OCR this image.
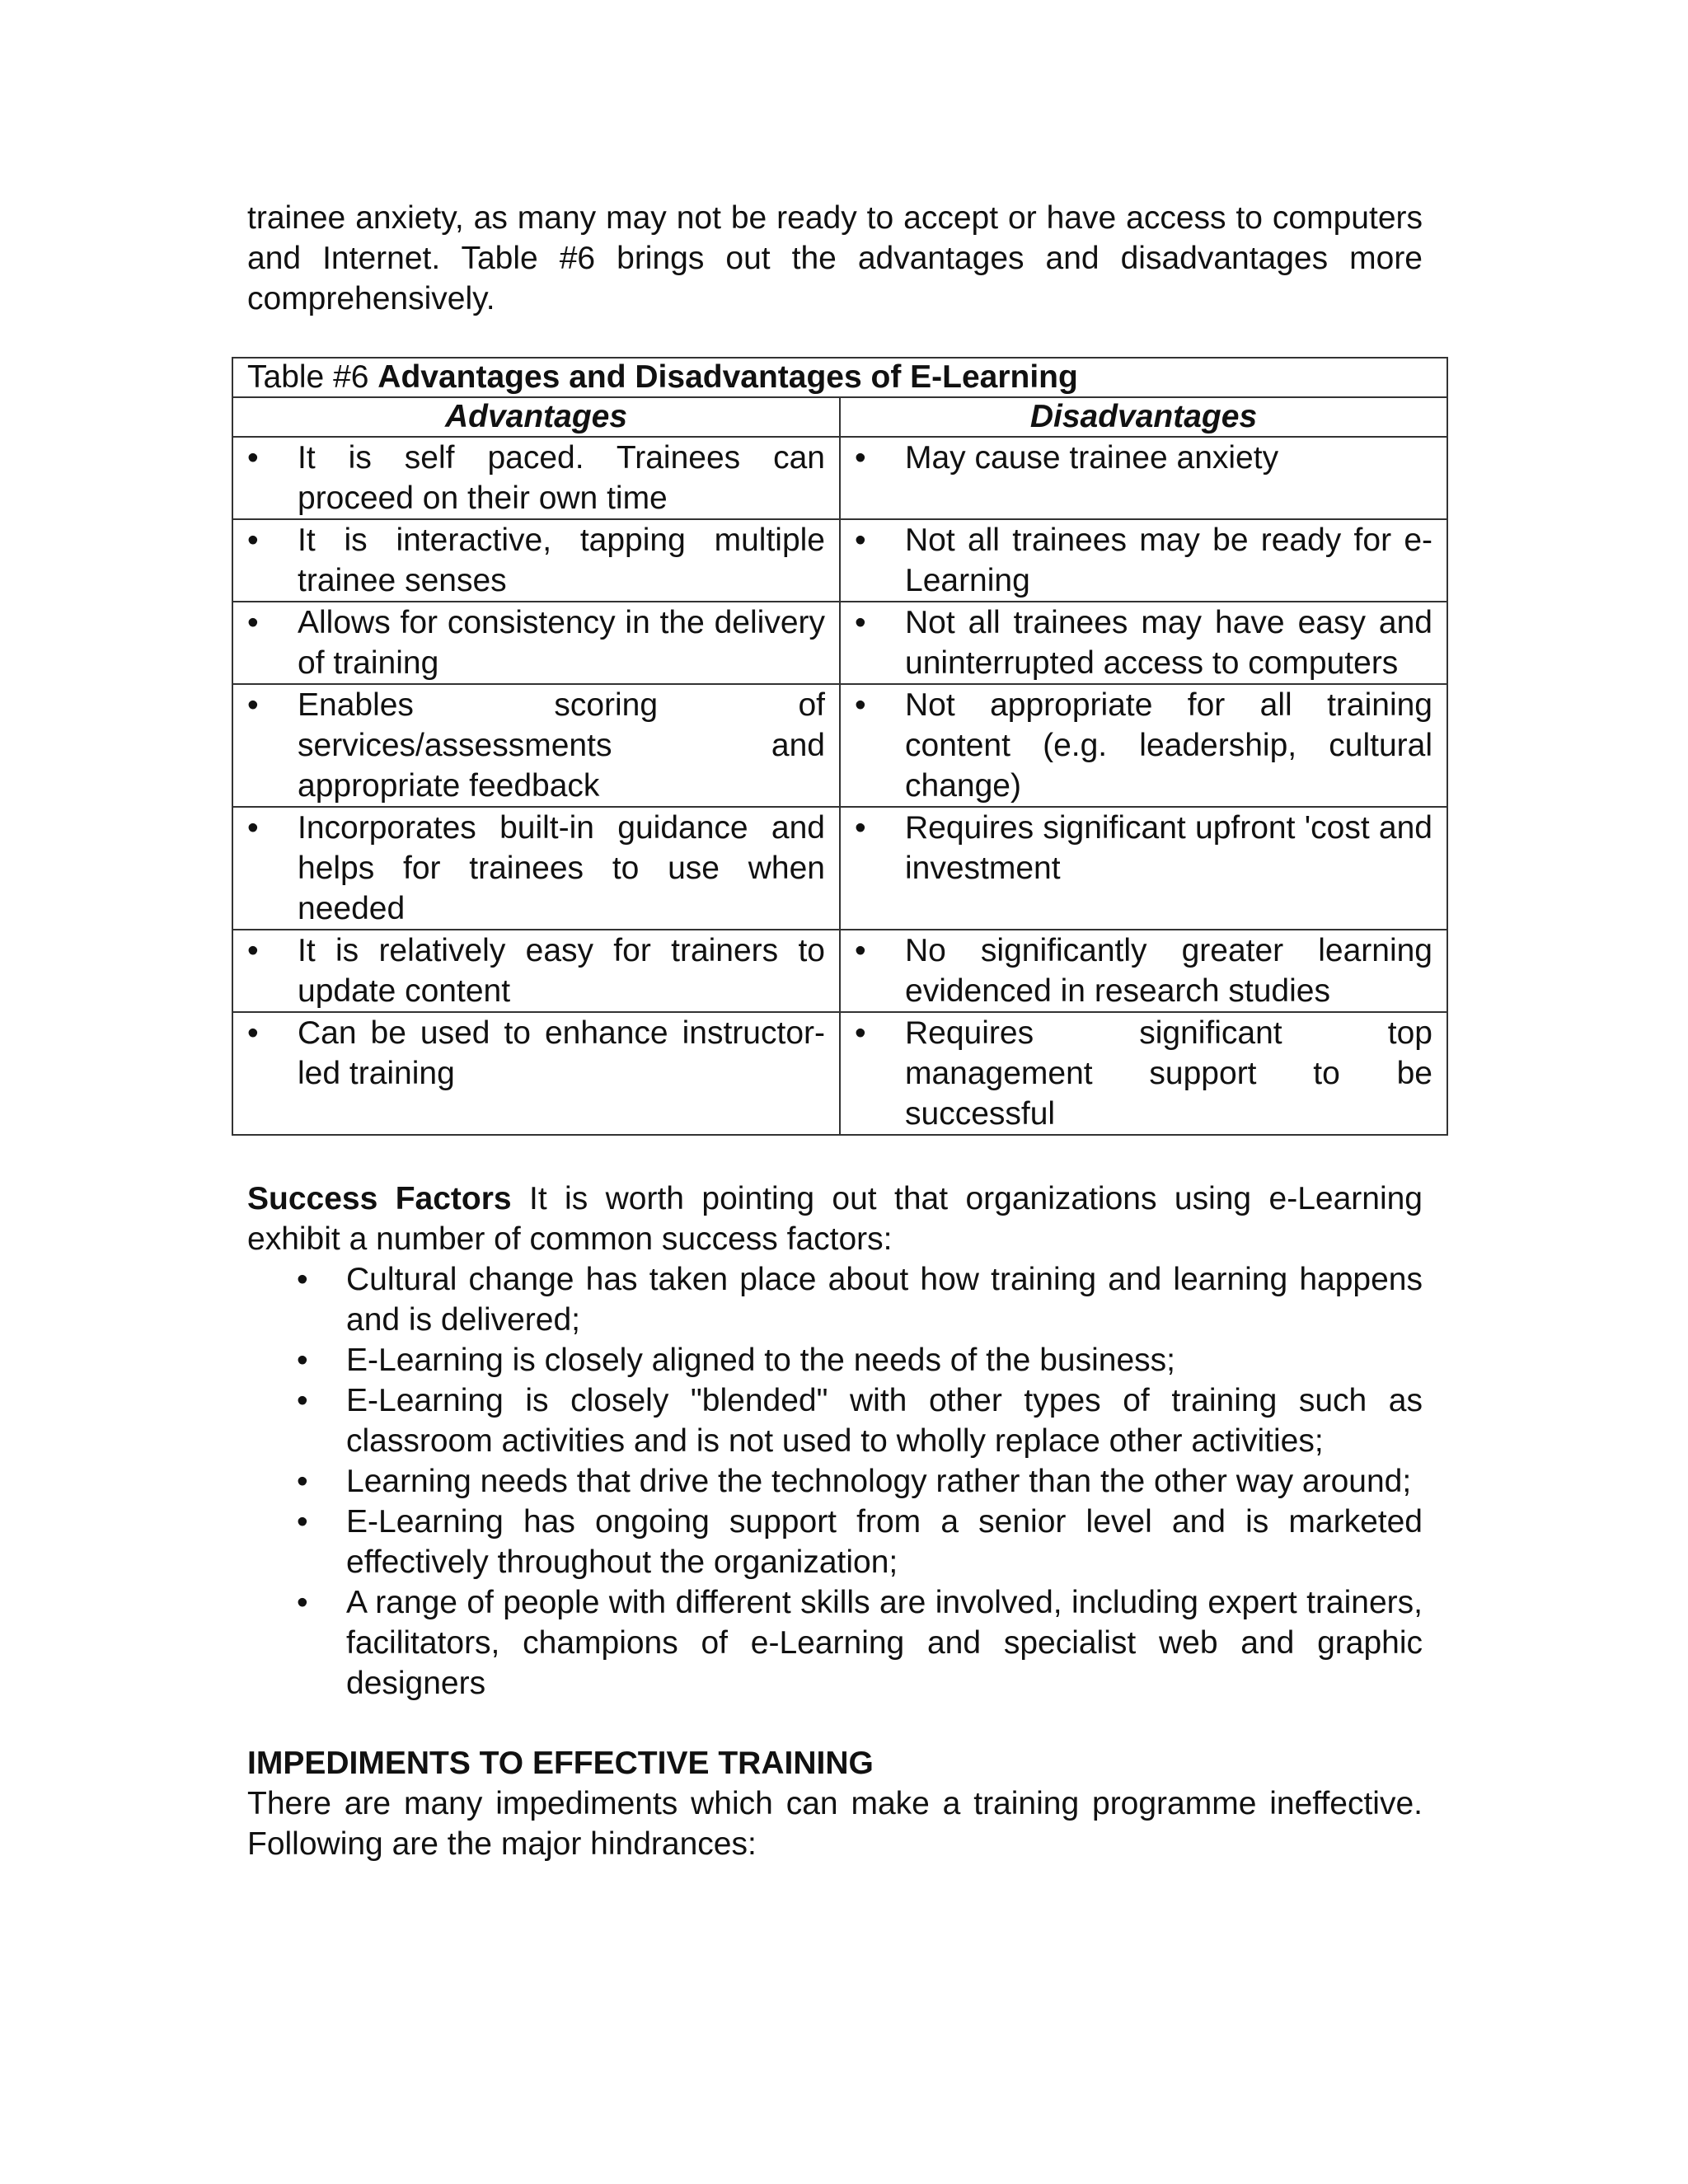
trainee anxiety, as many may not be ready to accept or have access to computers and Internet. Table #6 brings out the advantages and disadvantages more comprehensively.

Table #6 Advantages and Disadvantages of E-Learning	
Advantages	Disadvantages

• It is self paced. Trainees can proceed on their own time	• May cause trainee anxiety

• It is interactive, tapping multiple trainee senses	• Not all trainees may be ready for e-Learning

• Allows for consistency in the delivery of training	• Not all trainees may have easy and uninterrupted access to computers

• Enables scoring of services/assessments and appropriate feedback	• Not appropriate for all training content (e.g. leadership, cultural change)

• Incorporates built-in guidance and helps for trainees to use when needed	• Requires significant upfront 'cost and investment

• It is relatively easy for trainers to update content	• No significantly greater learning evidenced in research studies

• Can be used to enhance instructor-led training	• Requires significant top management support to be successful

Success Factors It is worth pointing out that organizations using e-Learning exhibit a number of common success factors:

•	Cultural change has taken place about how training and learning happens and is delivered;
•	E-Learning is closely aligned to the needs of the business;
•	E-Learning is closely "blended" with other types of training such as classroom activities and is not used to wholly replace other activities;
•	Learning needs that drive the technology rather than the other way around;
•	E-Learning has ongoing support from a senior level and is marketed effectively throughout the organization;
•	A range of people with different skills are involved, including expert trainers, facilitators, champions of e-Learning and specialist web and graphic designers

IMPEDIMENTS TO EFFECTIVE TRAINING

There are many impediments which can make a training programme ineffective. Following are the major hindrances:
